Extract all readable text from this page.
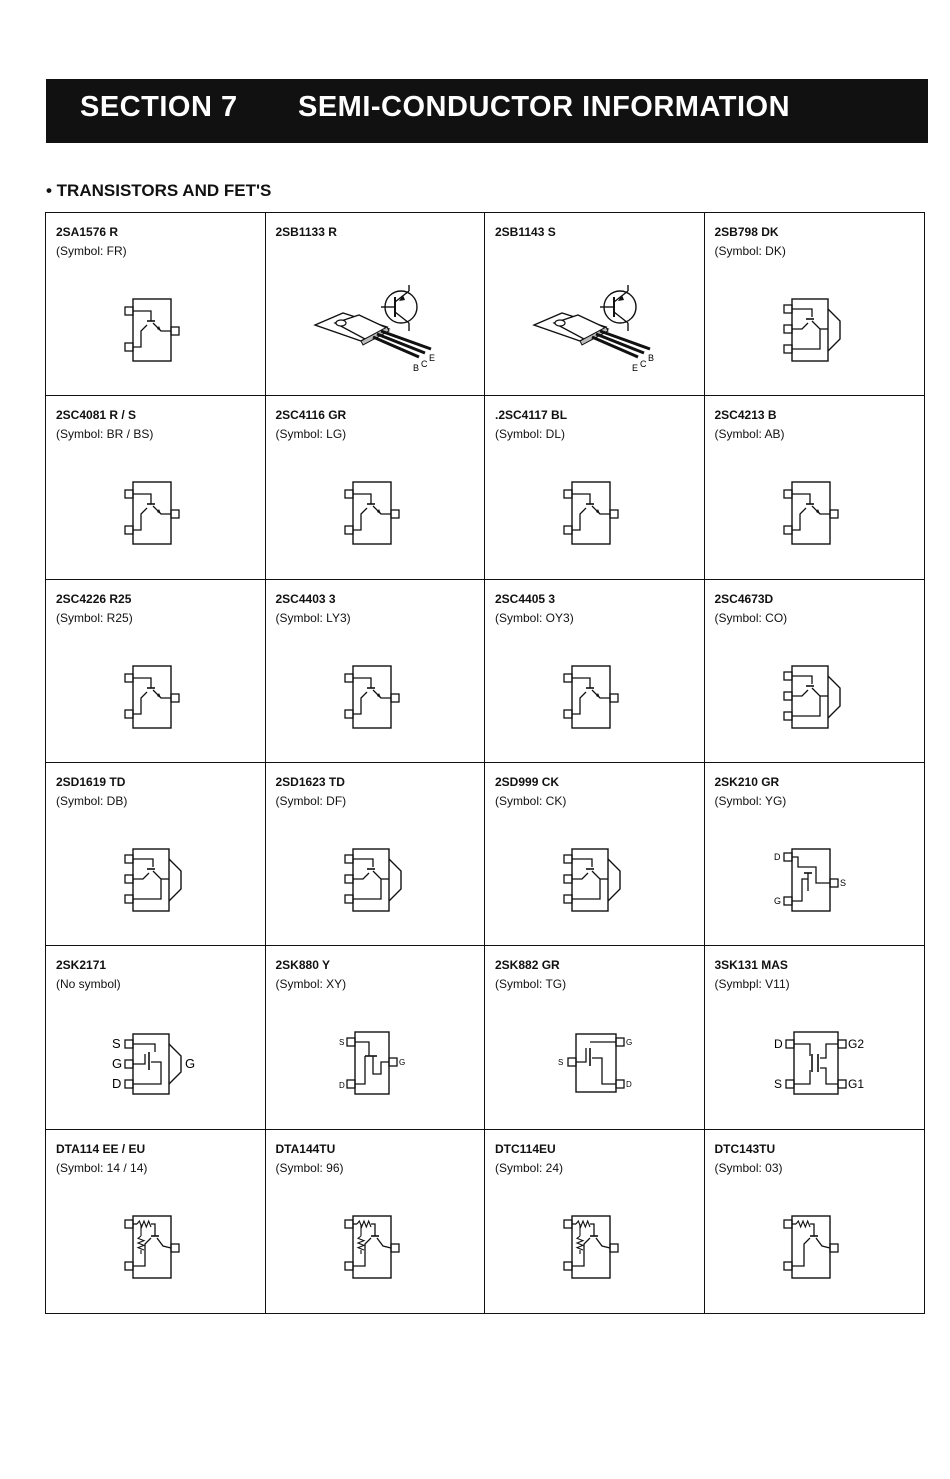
SECTION 7 SEMI-CONDUCTOR INFORMATION
• TRANSISTORS AND FET'S
2SA1576 R
(Symbol: FR)
2SB1133 R
B C
E
2SB1143 S
E C
B
2SB798 DK
(Symbol: DK)
2SC4081 R / S
(Symbol: BR / BS)
2SC4116 GR
(Symbol: LG)
.2SC4117 BL
(Symbol: DL)
2SC4213 B
(Symbol: AB)
2SC4226 R25
(Symbol: R25)
2SC4403 3
(Symbol: LY3)
2SC4405 3
(Symbol: OY3)
2SC4673D
(Symbol: CO)
2SD1619 TD
(Symbol: DB)
2SD1623 TD
(Symbol: DF)
2SD999 CK
(Symbol: CK)
2SK210 GR
(Symbol: YG)
D
G
S
2SK2171
(No symbol)
S
G
D
G
2SK880 Y
(Symbol: XY)
S
D
G
2SK882 GR
(Symbol: TG)
S
G
D
3SK131 MAS
(Symbpl: V11)
D
S
G2
G1
DTA114 EE / EU
(Symbol: 14 / 14)
DTA144TU
(Symbol: 96)
DTC114EU
(Symbol: 24)
DTC143TU
(Symbol: 03)
